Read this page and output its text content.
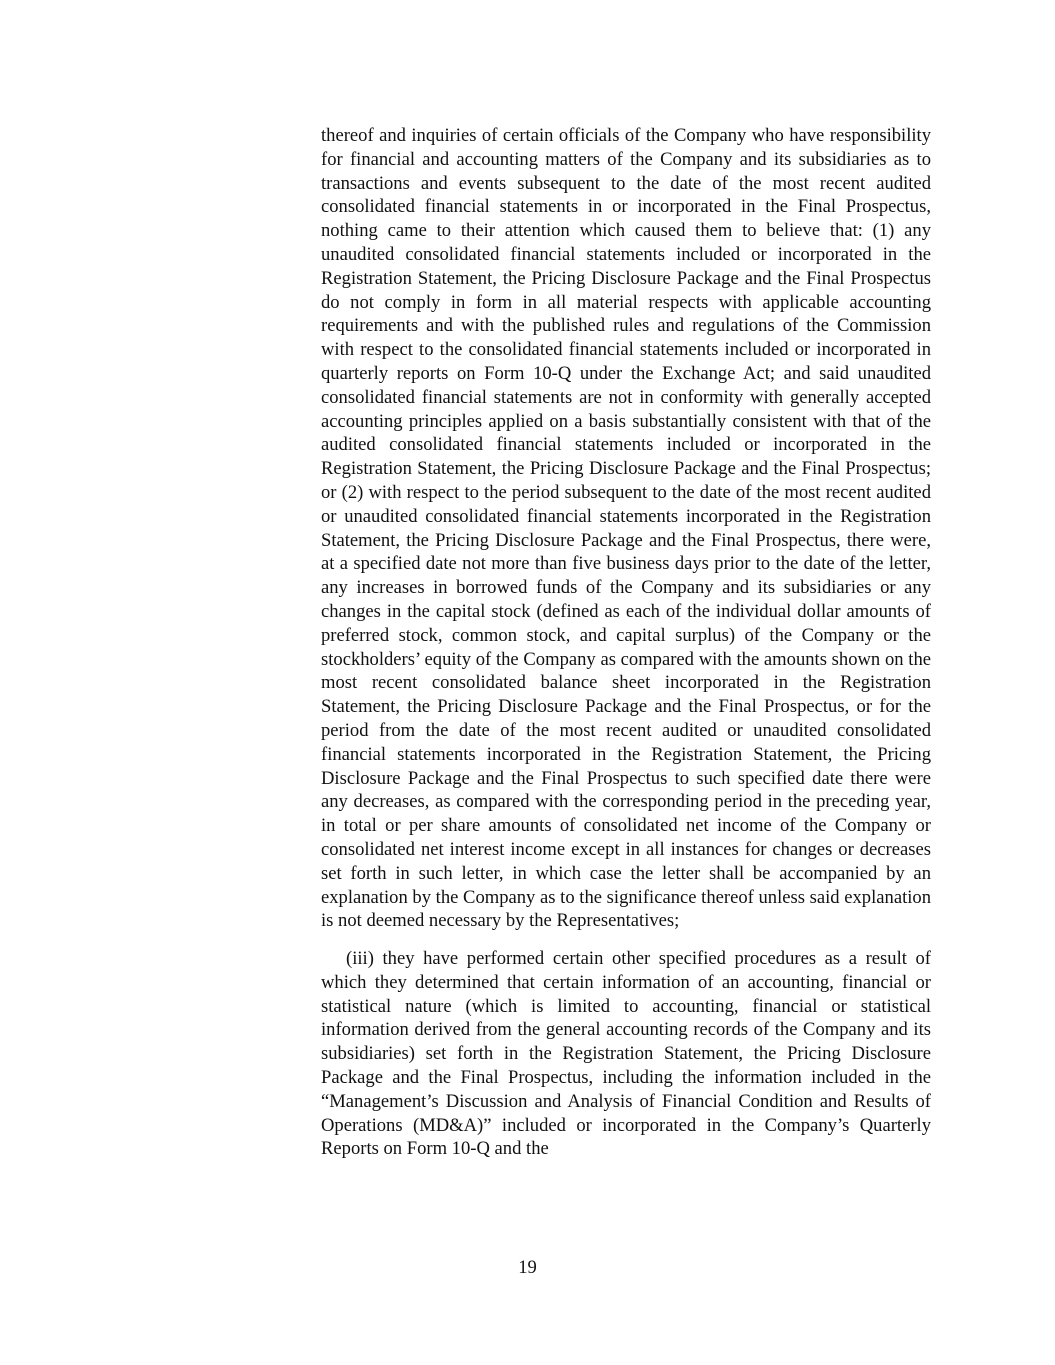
thereof and inquiries of certain officials of the Company who have responsibility for financial and accounting matters of the Company and its subsidiaries as to transactions and events subsequent to the date of the most recent audited consolidated financial statements in or incorporated in the Final Prospectus, nothing came to their attention which caused them to believe that: (1) any unaudited consolidated financial statements included or incorporated in the Registration Statement, the Pricing Disclosure Package and the Final Prospectus do not comply in form in all material respects with applicable accounting requirements and with the published rules and regulations of the Commission with respect to the consolidated financial statements included or incorporated in quarterly reports on Form 10-Q under the Exchange Act; and said unaudited consolidated financial statements are not in conformity with generally accepted accounting principles applied on a basis substantially consistent with that of the audited consolidated financial statements included or incorporated in the Registration Statement, the Pricing Disclosure Package and the Final Prospectus; or (2) with respect to the period subsequent to the date of the most recent audited or unaudited consolidated financial statements incorporated in the Registration Statement, the Pricing Disclosure Package and the Final Prospectus, there were, at a specified date not more than five business days prior to the date of the letter, any increases in borrowed funds of the Company and its subsidiaries or any changes in the capital stock (defined as each of the individual dollar amounts of preferred stock, common stock, and capital surplus) of the Company or the stockholders’ equity of the Company as compared with the amounts shown on the most recent consolidated balance sheet incorporated in the Registration Statement, the Pricing Disclosure Package and the Final Prospectus, or for the period from the date of the most recent audited or unaudited consolidated financial statements incorporated in the Registration Statement, the Pricing Disclosure Package and the Final Prospectus to such specified date there were any decreases, as compared with the corresponding period in the preceding year, in total or per share amounts of consolidated net income of the Company or consolidated net interest income except in all instances for changes or decreases set forth in such letter, in which case the letter shall be accompanied by an explanation by the Company as to the significance thereof unless said explanation is not deemed necessary by the Representatives;

(iii) they have performed certain other specified procedures as a result of which they determined that certain information of an accounting, financial or statistical nature (which is limited to accounting, financial or statistical information derived from the general accounting records of the Company and its subsidiaries) set forth in the Registration Statement, the Pricing Disclosure Package and the Final Prospectus, including the information included in the “Management’s Discussion and Analysis of Financial Condition and Results of Operations (MD&A)” included or incorporated in the Company’s Quarterly Reports on Form 10-Q and the

19
